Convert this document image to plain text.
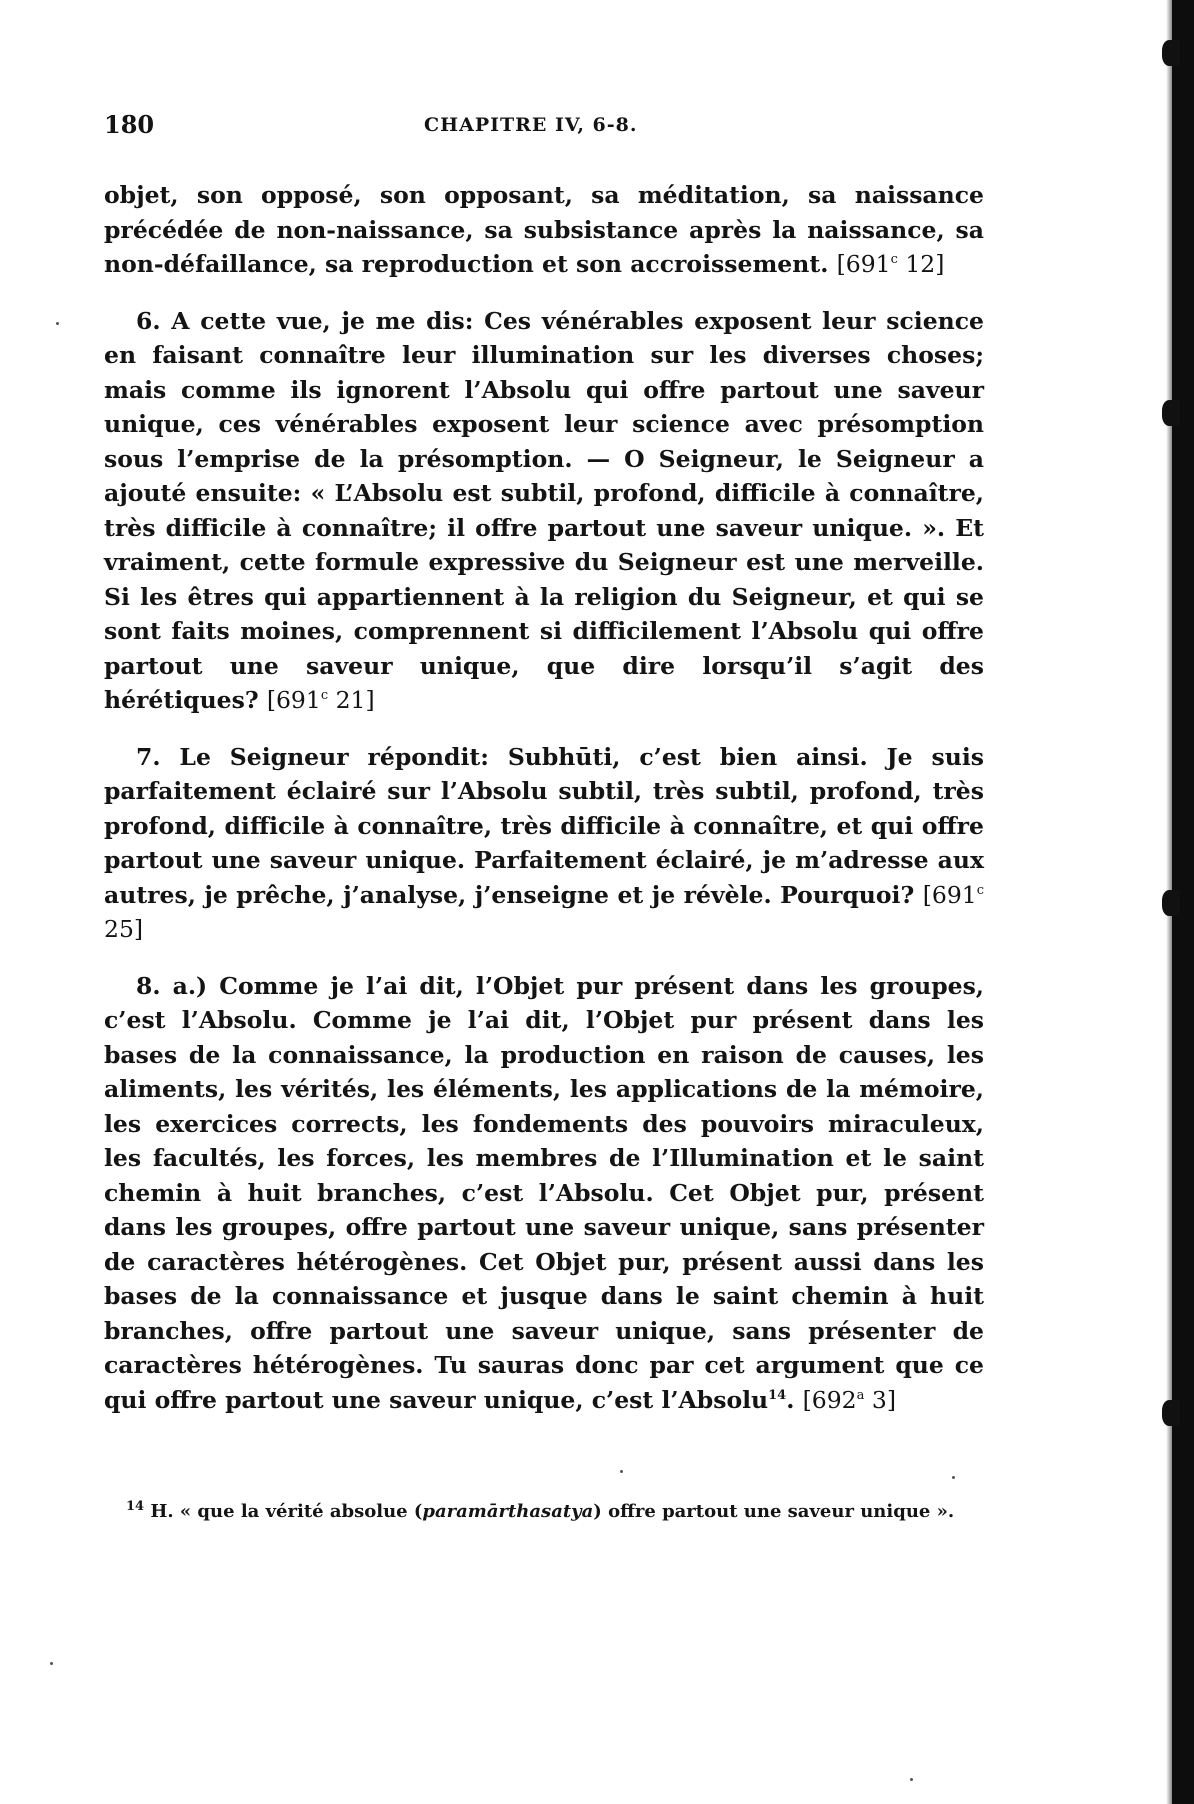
180	CHAPITRE IV, 6-8.

objet, son opposé, son opposant, sa méditation, sa naissance précédée de non-naissance, sa subsistance après la naissance, sa non-défaillance, sa reproduction et son accroissement. [691$^c$ 12]

6. A cette vue, je me dis: Ces vénérables exposent leur science en faisant connaître leur illumination sur les diverses choses; mais comme ils ignorent l’Absolu qui offre partout une saveur unique, ces vénérables exposent leur science avec présomption sous l’emprise de la présomption. — O Seigneur, le Seigneur a ajouté ensuite: « L’Absolu est subtil, profond, difficile à connaître, très difficile à connaître; il offre partout une saveur unique. ». Et vraiment, cette formule expressive du Seigneur est une merveille. Si les êtres qui appartiennent à la religion du Seigneur, et qui se sont faits moines, comprennent si difficilement l’Absolu qui offre partout une saveur unique, que dire lorsqu’il s’agit des hérétiques? [691$^c$ 21]

7. Le Seigneur répondit: Subhūti, c’est bien ainsi. Je suis parfaitement éclairé sur l’Absolu subtil, très subtil, profond, très profond, difficile à connaître, très difficile à connaître, et qui offre partout une saveur unique. Parfaitement éclairé, je m’adresse aux autres, je prêche, j’analyse, j’enseigne et je révèle. Pourquoi? [691$^c$ 25]

8. a.) Comme je l’ai dit, l’Objet pur présent dans les groupes, c’est l’Absolu. Comme je l’ai dit, l’Objet pur présent dans les bases de la connaissance, la production en raison de causes, les aliments, les vérités, les éléments, les applications de la mémoire, les exercices corrects, les fondements des pouvoirs miraculeux, les facultés, les forces, les membres de l’Illumination et le saint chemin à huit branches, c’est l’Absolu. Cet Objet pur, présent dans les groupes, offre partout une saveur unique, sans présenter de caractères hétérogènes. Cet Objet pur, présent aussi dans les bases de la connaissance et jusque dans le saint chemin à huit branches, offre partout une saveur unique, sans présenter de caractères hétérogènes. Tu sauras donc par cet argument que ce qui offre partout une saveur unique, c’est l’Absolu$^{14}$. [692$^a$ 3]

$^{14}$ H. « que la vérité absolue (paramārthasatya) offre partout une saveur unique ».
